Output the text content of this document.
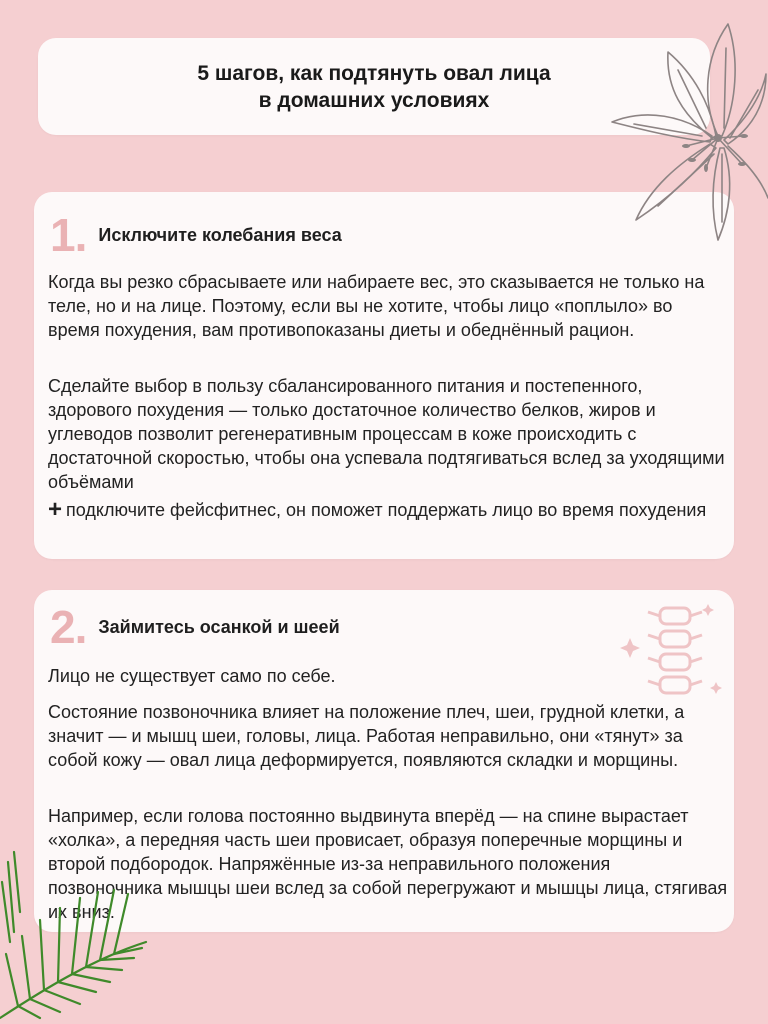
5 шагов, как подтянуть овал лица
в домашних условиях
1. Исключите колебания веса

Когда вы резко сбрасываете или набираете вес, это сказывается не только на теле, но и на лице. Поэтому, если вы не хотите, чтобы лицо «поплыло» во время похудения, вам противопоказаны диеты и обеднённый рацион.

Сделайте выбор в пользу сбалансированного питания и постепенного, здорового похудения — только достаточное количество белков, жиров и углеводов позволит регенеративным процессам в коже происходить с достаточной скоростью, чтобы она успевала подтягиваться вслед за уходящими объёмами

+ подключите фейсфитнес, он поможет поддержать лицо во время похудения

2. Займитесь осанкой и шеей

Лицо не существует само по себе.

Состояние позвоночника влияет на положение плеч, шеи, грудной клетки, а значит — и мышц шеи, головы, лица. Работая неправильно, они «тянут» за собой кожу — овал лица деформируется, появляются складки и морщины.

Например, если голова постоянно выдвинута вперёд — на спине вырастает «холка», а передняя часть шеи провисает, образуя поперечные морщины и второй подбородок. Напряжённые из-за неправильного положения позвоночника мышцы шеи вслед за собой перегружают и мышцы лица, стягивая их вниз.
